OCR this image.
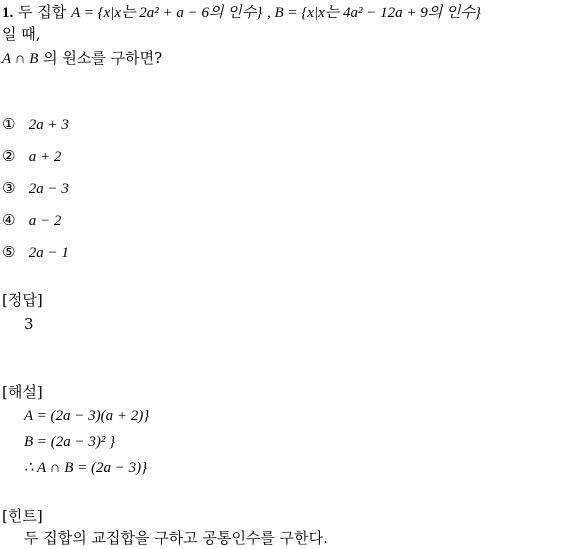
1. 두 집합 A = {x|x는 2a² + a − 6의 인수} , B = {x|x는 4a² − 12a + 9의 인수}
일 때,
A ∩ B 의 원소를 구하면?
① 2a + 3
② a + 2
③ 2a − 3
④ a − 2
⑤ 2a − 1
[정답]
3
[해설]
A = (2a − 3)(a + 2)}
B = (2a − 3)² }
∴ A ∩ B = (2a − 3)}
[힌트]
두 집합의 교집합을 구하고 공통인수를 구한다.
